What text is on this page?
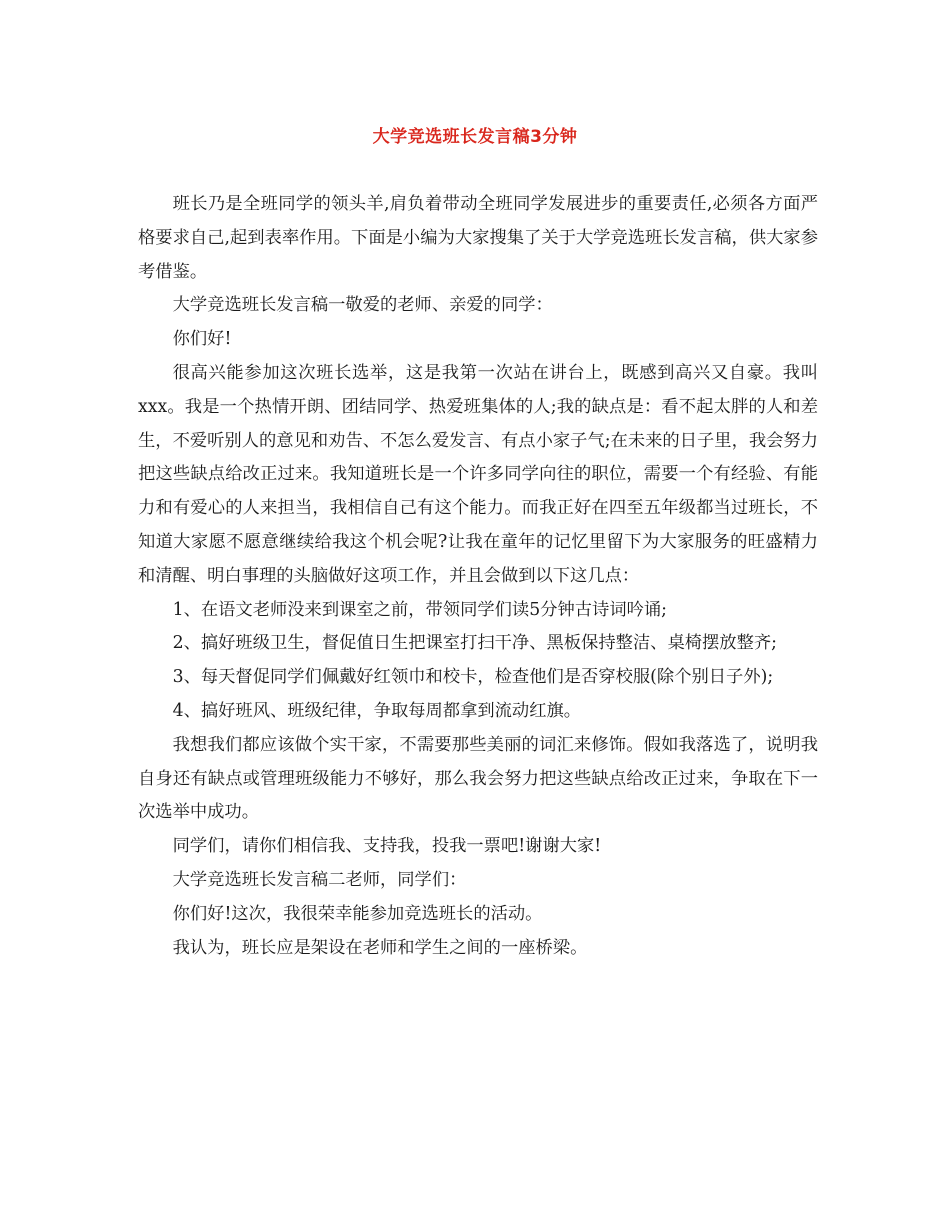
大学竞选班长发言稿3分钟

班长乃是全班同学的领头羊,肩负着带动全班同学发展进步的重要责任,必须各方面严格要求自己,起到表率作用。下面是小编为大家搜集了关于大学竞选班长发言稿，供大家参考借鉴。

大学竞选班长发言稿一敬爱的老师、亲爱的同学：

你们好!

很高兴能参加这次班长选举，这是我第一次站在讲台上，既感到高兴又自豪。我叫xxx。我是一个热情开朗、团结同学、热爱班集体的人;我的缺点是：看不起太胖的人和差生，不爱听别人的意见和劝告、不怎么爱发言、有点小家子气;在未来的日子里，我会努力把这些缺点给改正过来。我知道班长是一个许多同学向往的职位，需要一个有经验、有能力和有爱心的人来担当，我相信自己有这个能力。而我正好在四至五年级都当过班长，不知道大家愿不愿意继续给我这个机会呢?让我在童年的记忆里留下为大家服务的旺盛精力和清醒、明白事理的头脑做好这项工作，并且会做到以下这几点：

1、在语文老师没来到课室之前，带领同学们读5分钟古诗词吟诵;

2、搞好班级卫生，督促值日生把课室打扫干净、黑板保持整洁、桌椅摆放整齐;

3、每天督促同学们佩戴好红领巾和校卡，检查他们是否穿校服(除个别日子外);

4、搞好班风、班级纪律，争取每周都拿到流动红旗。

我想我们都应该做个实干家，不需要那些美丽的词汇来修饰。假如我落选了，说明我自身还有缺点或管理班级能力不够好，那么我会努力把这些缺点给改正过来，争取在下一次选举中成功。

同学们，请你们相信我、支持我，投我一票吧!谢谢大家!

大学竞选班长发言稿二老师，同学们：

你们好!这次，我很荣幸能参加竞选班长的活动。

我认为，班长应是架设在老师和学生之间的一座桥梁。
